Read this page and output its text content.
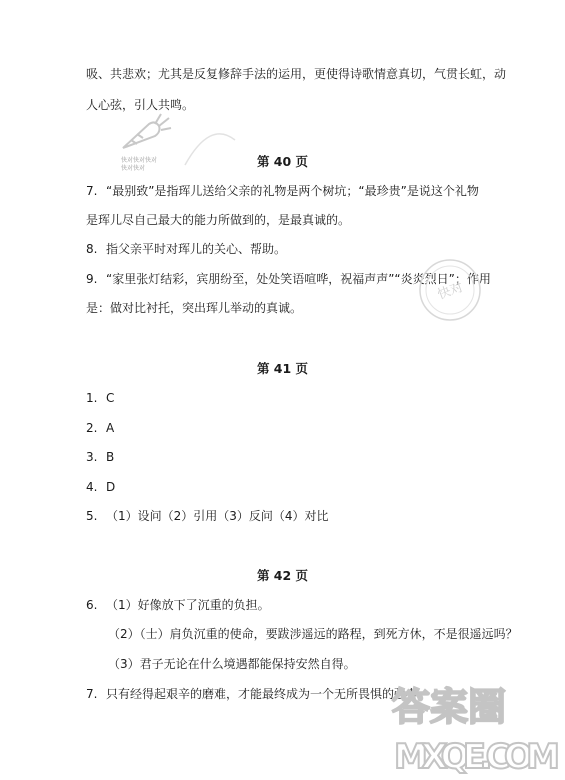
吸、共悲欢；尤其是反复修辞手法的运用，更使得诗歌情意真切，气贯长虹，动
人心弦，引人共鸣。
快对快对快对
快对快对	第 40 页
7. “最别致”是指珲儿送给父亲的礼物是两个树坑；“最珍贵”是说这个礼物
是珲儿尽自己最大的能力所做到的，是最真诚的。
8. 指父亲平时对珲儿的关心、帮助。
9. “家里张灯结彩，宾朋纷至，处处笑语喧哗，祝福声声”“炎炎烈日”；作用
是：做对比衬托，突出珲儿举动的真诚。
快对
第 41 页
1. C
2. A
3. B
4. D
5. （1）设问（2）引用（3）反问（4）对比
第 42 页
6. （1）好像放下了沉重的负担。
（2）（士）肩负沉重的使命，要跋涉遥远的路程，到死方休，不是很遥远吗？
（3）君子无论在什么境遇都能保持安然自得。
7. 只有经得起艰辛的磨难，才能最终成为一个无所畏惧的强者。
答案圈
MXQE.COM
